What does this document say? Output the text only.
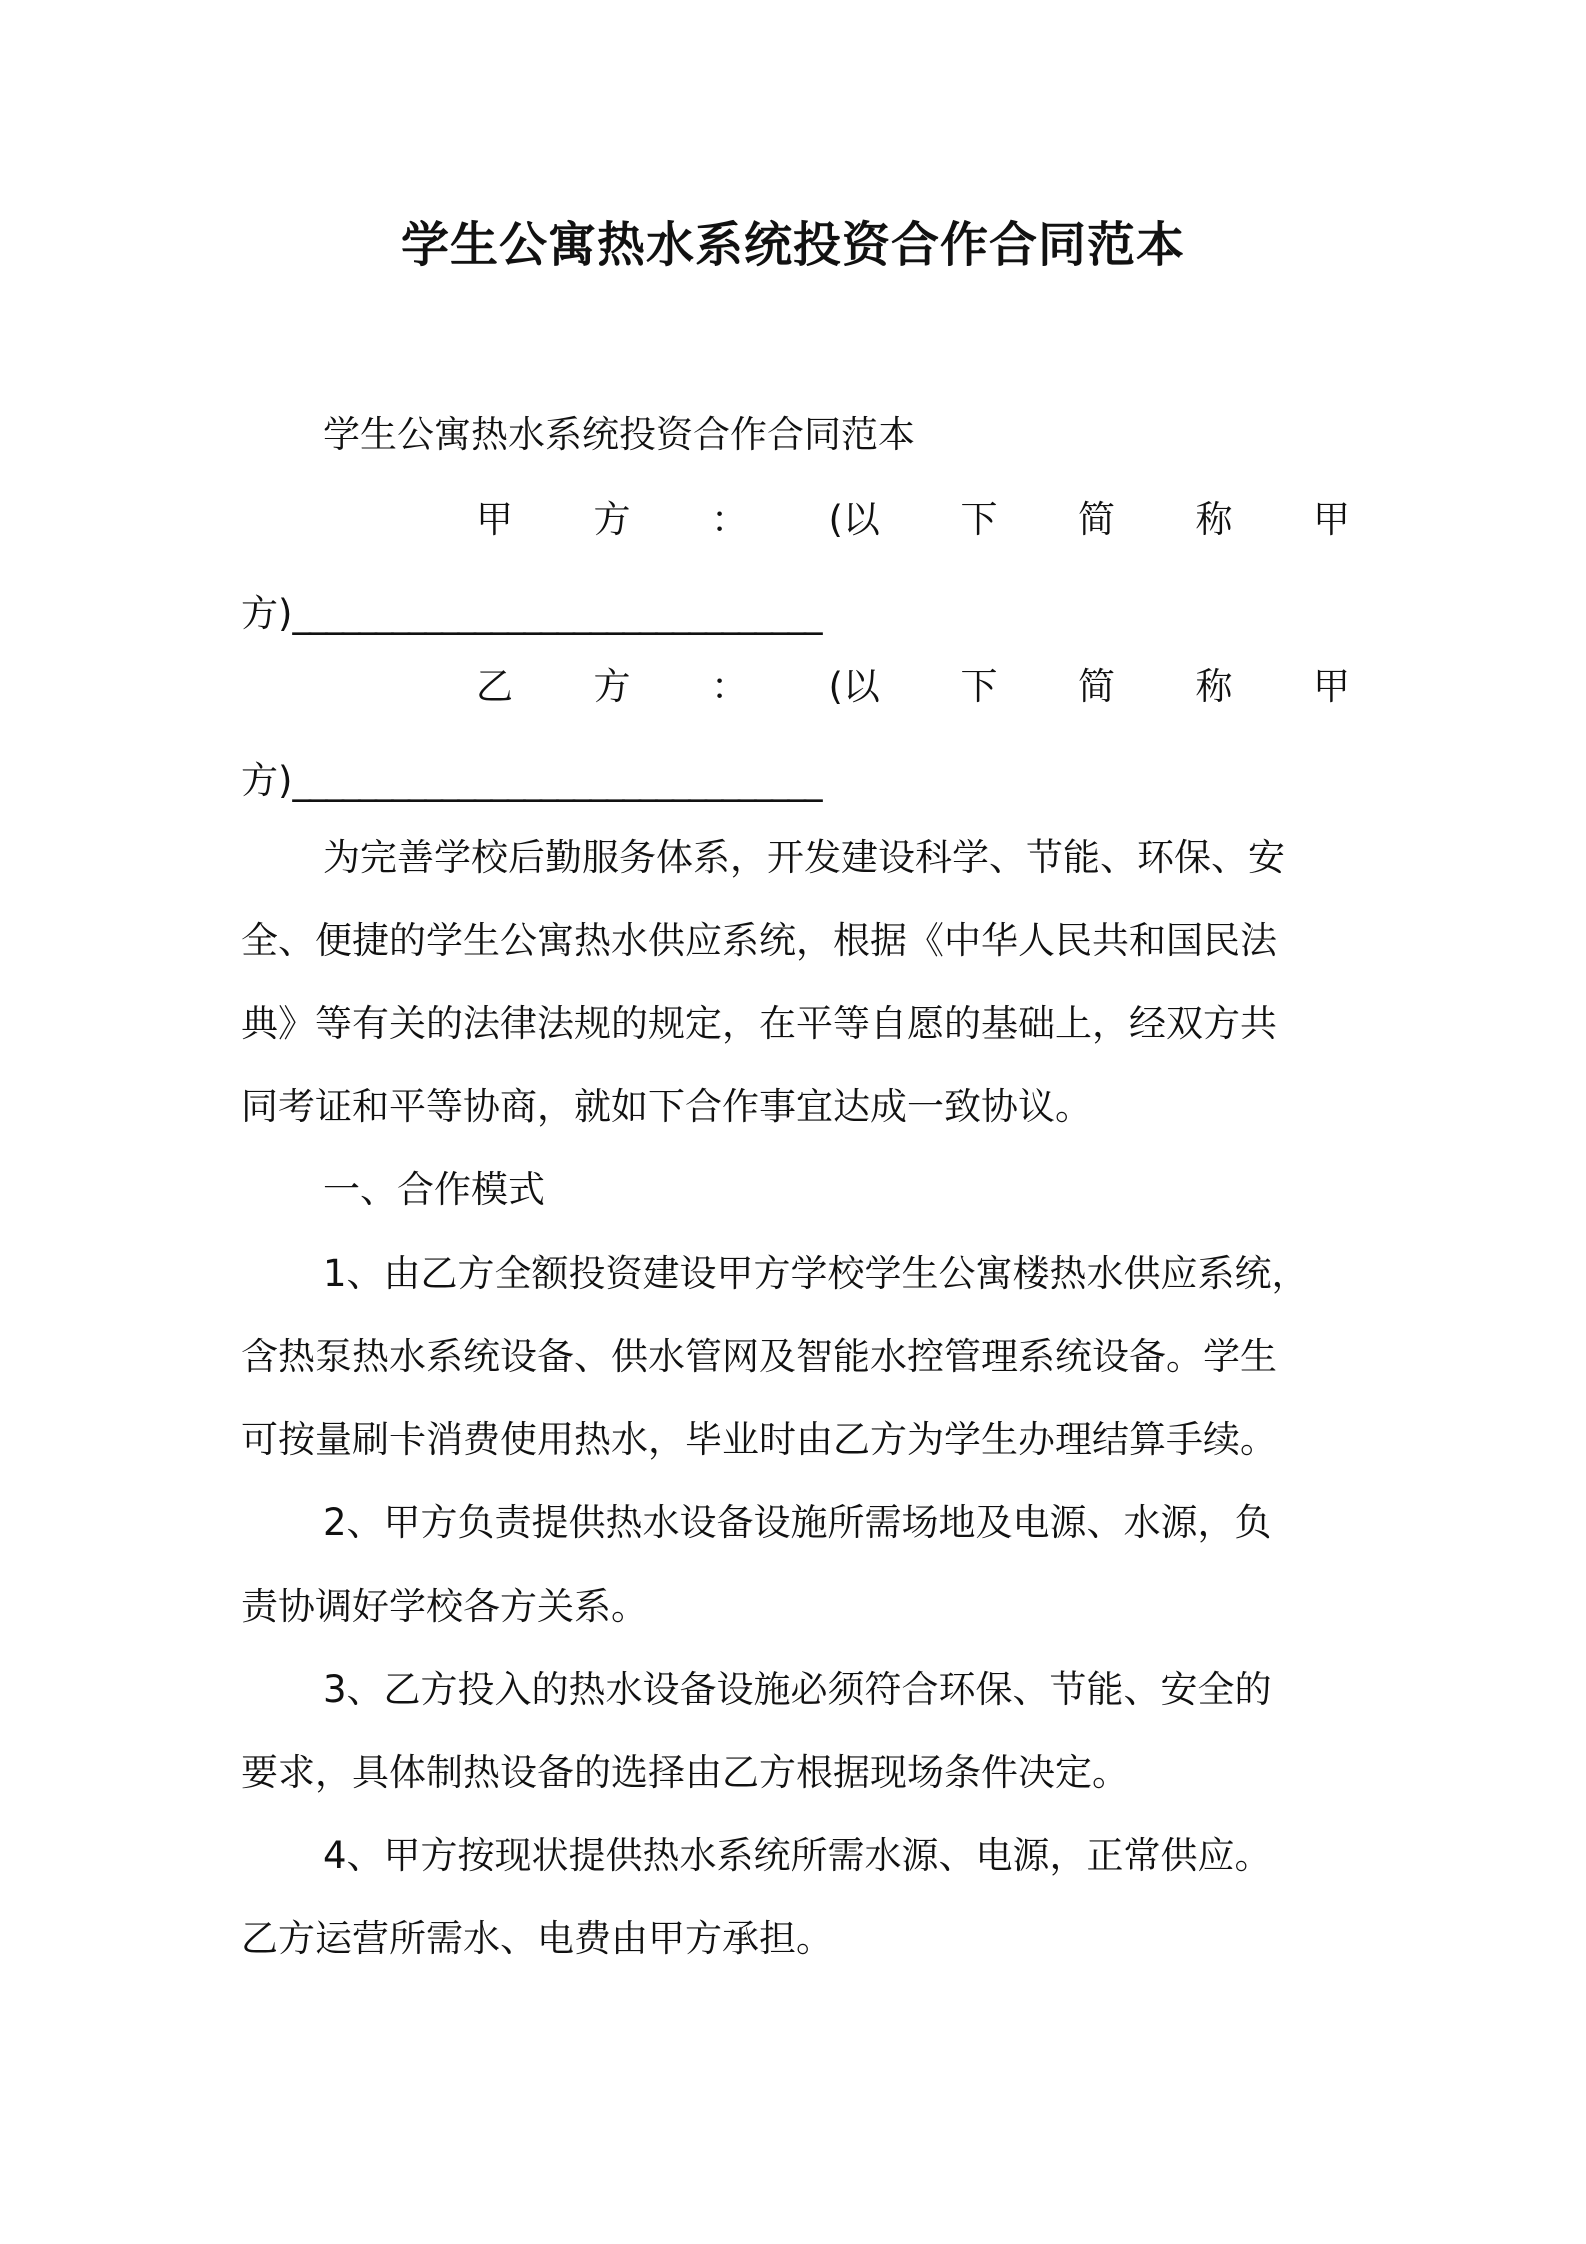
学生公寓热水系统投资合作合同范本
学生公寓热水系统投资合作合同范本
甲 方 ： (以 下 简 称 甲
方)________________________________
乙 方 ： (以 下 简 称 甲
方)________________________________
为完善学校后勤服务体系，开发建设科学、节能、环保、安
全、便捷的学生公寓热水供应系统，根据《中华人民共和国民法
典》等有关的法律法规的规定，在平等自愿的基础上，经双方共
同考证和平等协商，就如下合作事宜达成一致协议。
一、合作模式
1、由乙方全额投资建设甲方学校学生公寓楼热水供应系统，
含热泵热水系统设备、供水管网及智能水控管理系统设备。学生
可按量刷卡消费使用热水，毕业时由乙方为学生办理结算手续。
2、甲方负责提供热水设备设施所需场地及电源、水源，负
责协调好学校各方关系。
3、乙方投入的热水设备设施必须符合环保、节能、安全的
要求，具体制热设备的选择由乙方根据现场条件决定。
4、甲方按现状提供热水系统所需水源、电源，正常供应。
乙方运营所需水、电费由甲方承担。
